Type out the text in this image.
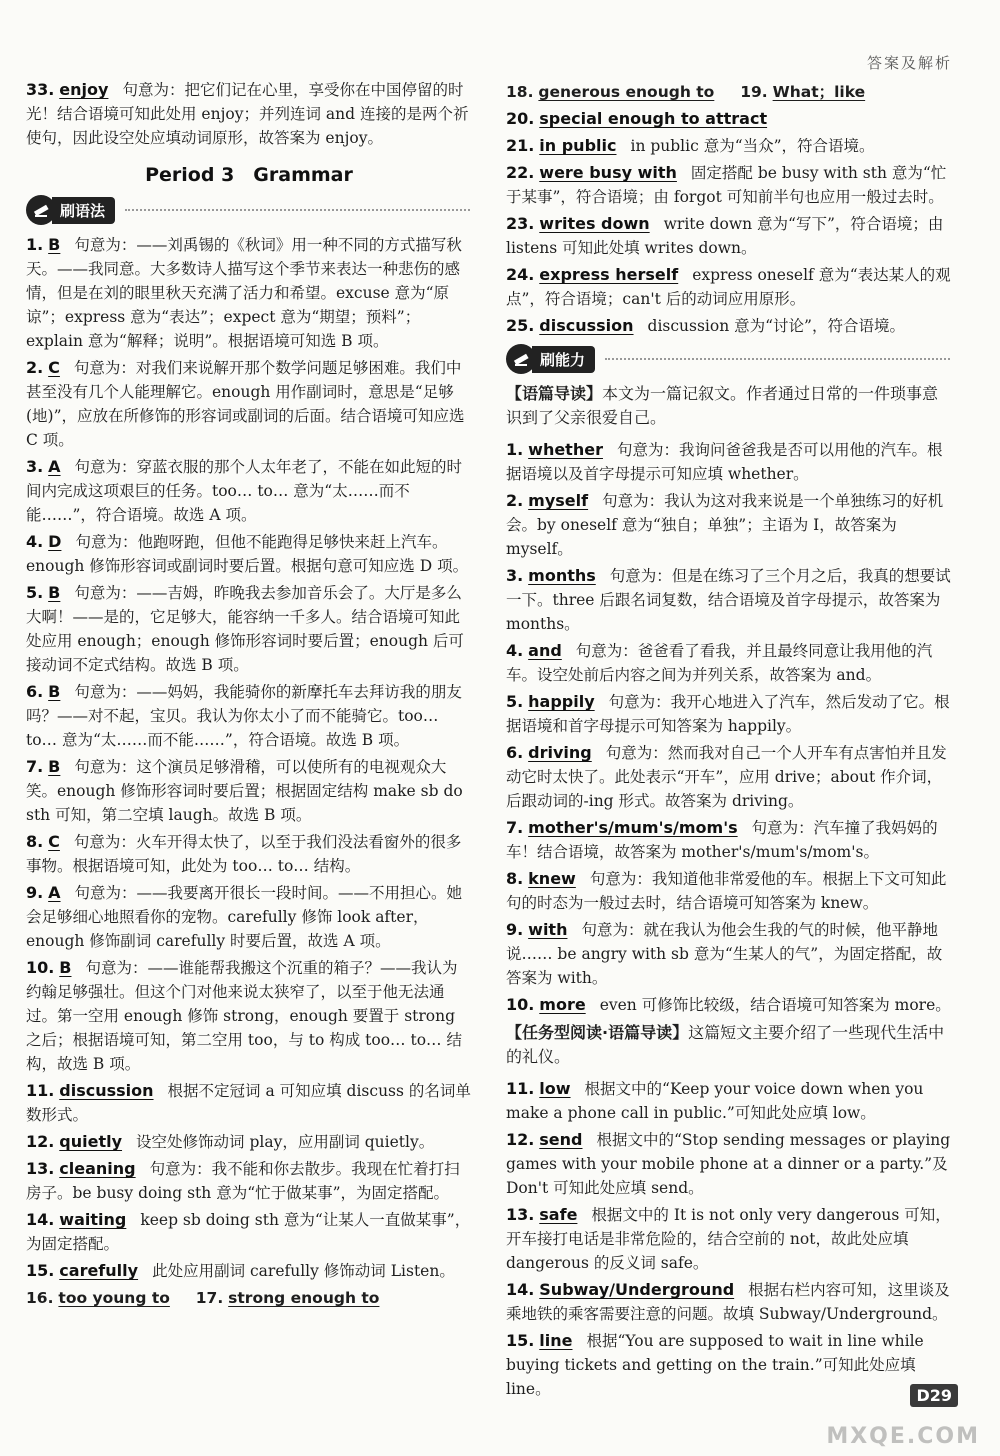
答案及解析
33. enjoy 句意为：把它们记在心里，享受你在中国停留的时光！结合语境可知此处用 enjoy；并列连词 and 连接的是两个祈使句，因此设空处应填动词原形，故答案为 enjoy。
Period 3　Grammar
刷语法
1. B 句意为：——刘禹锡的《秋词》用一种不同的方式描写秋天。——我同意。大多数诗人描写这个季节来表达一种悲伤的感情，但是在刘的眼里秋天充满了活力和希望。excuse 意为“原谅”；express 意为“表达”；expect 意为“期望；预料”；explain 意为“解释；说明”。根据语境可知选 B 项。
2. C 句意为：对我们来说解开那个数学问题足够困难。我们中甚至没有几个人能理解它。enough 用作副词时，意思是“足够(地)”，应放在所修饰的形容词或副词的后面。结合语境可知应选 C 项。
3. A 句意为：穿蓝衣服的那个人太年老了，不能在如此短的时间内完成这项艰巨的任务。too… to… 意为“太……而不能……”，符合语境。故选 A 项。
4. D 句意为：他跑呀跑，但他不能跑得足够快来赶上汽车。enough 修饰形容词或副词时要后置。根据句意可知应选 D 项。
5. B 句意为：——吉姆，昨晚我去参加音乐会了。大厅是多么大啊！——是的，它足够大，能容纳一千多人。结合语境可知此处应用 enough；enough 修饰形容词时要后置；enough 后可接动词不定式结构。故选 B 项。
6. B 句意为：——妈妈，我能骑你的新摩托车去拜访我的朋友吗？——对不起，宝贝。我认为你太小了而不能骑它。too… to… 意为“太……而不能……”，符合语境。故选 B 项。
7. B 句意为：这个演员足够滑稽，可以使所有的电视观众大笑。enough 修饰形容词时要后置；根据固定结构 make sb do sth 可知，第二空填 laugh。故选 B 项。
8. C 句意为：火车开得太快了，以至于我们没法看窗外的很多事物。根据语境可知，此处为 too… to… 结构。
9. A 句意为：——我要离开很长一段时间。——不用担心。她会足够细心地照看你的宠物。carefully 修饰 look after，enough 修饰副词 carefully 时要后置，故选 A 项。
10. B 句意为：——谁能帮我搬这个沉重的箱子？——我认为约翰足够强壮。但这个门对他来说太狭窄了，以至于他无法通过。第一空用 enough 修饰 strong，enough 要置于 strong 之后；根据语境可知，第二空用 too，与 to 构成 too… to… 结构，故选 B 项。
11. discussion 根据不定冠词 a 可知应填 discuss 的名词单数形式。
12. quietly 设空处修饰动词 play，应用副词 quietly。
13. cleaning 句意为：我不能和你去散步。我现在忙着打扫房子。be busy doing sth 意为“忙于做某事”，为固定搭配。
14. waiting keep sb doing sth 意为“让某人一直做某事”，为固定搭配。
15. carefully 此处应用副词 carefully 修饰动词 Listen。
16. too young to 17. strong enough to
18. generous enough to 19. What；like
20. special enough to attract
21. in public in public 意为“当众”，符合语境。
22. were busy with 固定搭配 be busy with sth 意为“忙于某事”，符合语境；由 forgot 可知前半句也应用一般过去时。
23. writes down write down 意为“写下”，符合语境；由 listens 可知此处填 writes down。
24. express herself express oneself 意为“表达某人的观点”，符合语境；can't 后的动词应用原形。
25. discussion discussion 意为“讨论”，符合语境。
刷能力
【语篇导读】本文为一篇记叙文。作者通过日常的一件琐事意识到了父亲很爱自己。
1. whether 句意为：我询问爸爸我是否可以用他的汽车。根据语境以及首字母提示可知应填 whether。
2. myself 句意为：我认为这对我来说是一个单独练习的好机会。by oneself 意为“独自；单独”；主语为 I，故答案为 myself。
3. months 句意为：但是在练习了三个月之后，我真的想要试一下。three 后跟名词复数，结合语境及首字母提示，故答案为 months。
4. and 句意为：爸爸看了看我，并且最终同意让我用他的汽车。设空处前后内容之间为并列关系，故答案为 and。
5. happily 句意为：我开心地进入了汽车，然后发动了它。根据语境和首字母提示可知答案为 happily。
6. driving 句意为：然而我对自己一个人开车有点害怕并且发动它时太快了。此处表示“开车”，应用 drive；about 作介词，后跟动词的-ing 形式。故答案为 driving。
7. mother's/mum's/mom's 句意为：汽车撞了我妈妈的车！结合语境，故答案为 mother's/mum's/mom's。
8. knew 句意为：我知道他非常爱他的车。根据上下文可知此句的时态为一般过去时，结合语境可知答案为 knew。
9. with 句意为：就在我认为他会生我的气的时候，他平静地说…… be angry with sb 意为“生某人的气”，为固定搭配，故答案为 with。
10. more even 可修饰比较级，结合语境可知答案为 more。
【任务型阅读·语篇导读】这篇短文主要介绍了一些现代生活中的礼仪。
11. low 根据文中的“Keep your voice down when you make a phone call in public.”可知此处应填 low。
12. send 根据文中的“Stop sending messages or playing games with your mobile phone at a dinner or a party.”及 Don't 可知此处应填 send。
13. safe 根据文中的 It is not only very dangerous 可知，开车接打电话是非常危险的，结合空前的 not，故此处应填 dangerous 的反义词 safe。
14. Subway/Underground 根据右栏内容可知，这里谈及乘地铁的乘客需要注意的问题。故填 Subway/Underground。
15. line 根据“You are supposed to wait in line while buying tickets and getting on the train.”可知此处应填 line。	D29
MXQE.COM
